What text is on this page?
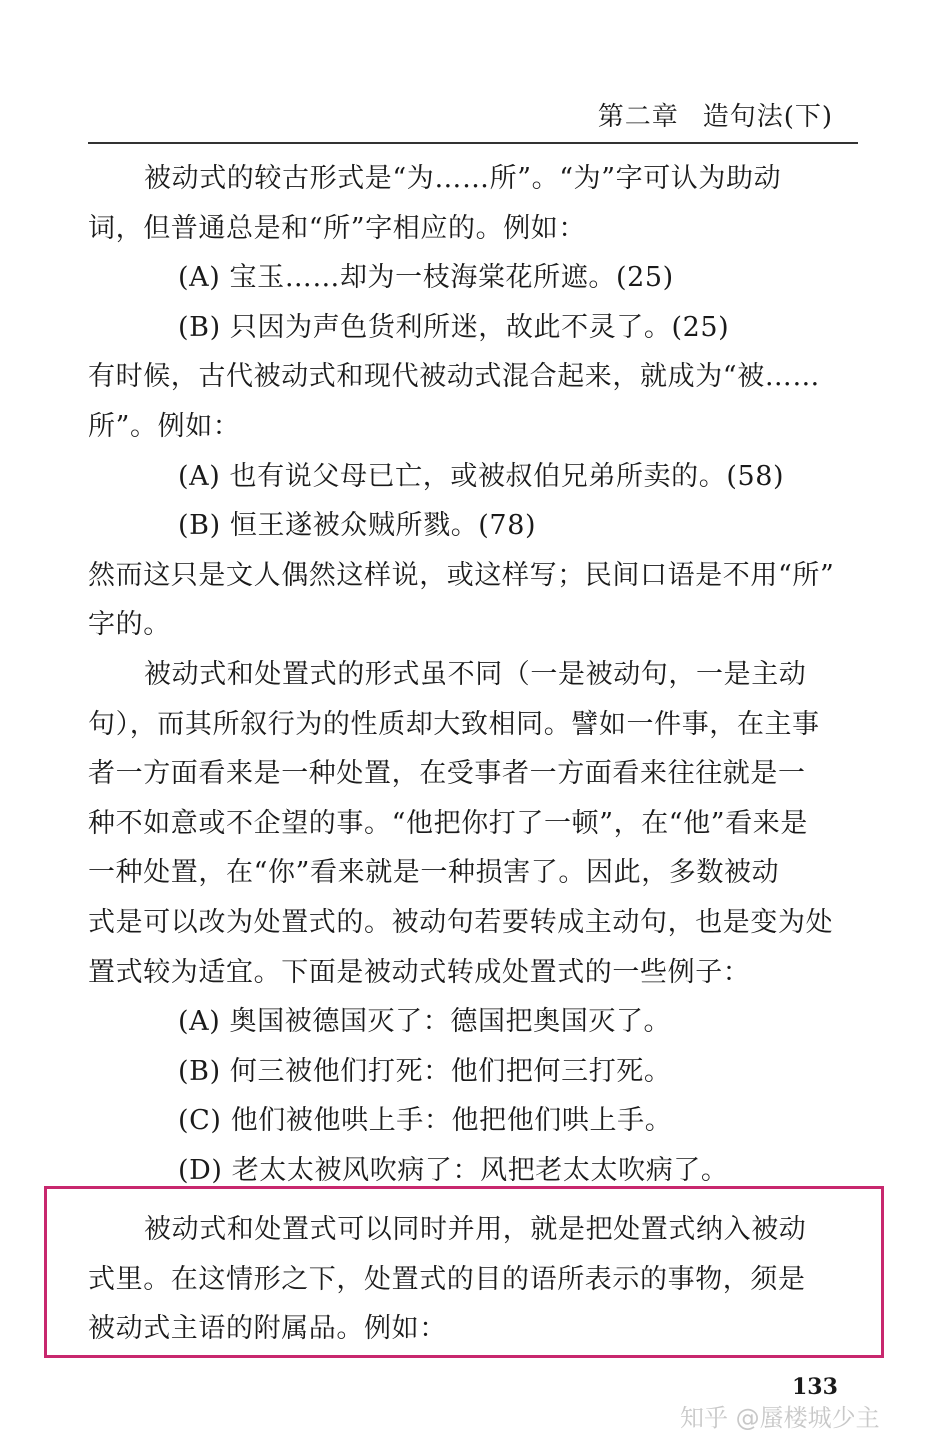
第二章 造句法(下)
被动式的较古形式是“为……所”。“为”字可认为助动
词，但普通总是和“所”字相应的。例如：
(A) 宝玉……却为一枝海棠花所遮。(25)
(B) 只因为声色货利所迷，故此不灵了。(25)
有时候，古代被动式和现代被动式混合起来，就成为“被……
所”。例如：
(A) 也有说父母已亡，或被叔伯兄弟所卖的。(58)
(B) 恒王遂被众贼所戮。(78)
然而这只是文人偶然这样说，或这样写；民间口语是不用“所”
字的。
被动式和处置式的形式虽不同（一是被动句，一是主动
句），而其所叙行为的性质却大致相同。譬如一件事，在主事
者一方面看来是一种处置，在受事者一方面看来往往就是一
种不如意或不企望的事。“他把你打了一顿”，在“他”看来是
一种处置，在“你”看来就是一种损害了。因此，多数被动
式是可以改为处置式的。被动句若要转成主动句，也是变为处
置式较为适宜。下面是被动式转成处置式的一些例子：
(A) 奥国被德国灭了：德国把奥国灭了。
(B) 何三被他们打死：他们把何三打死。
(C) 他们被他哄上手：他把他们哄上手。
(D) 老太太被风吹病了：风把老太太吹病了。
被动式和处置式可以同时并用，就是把处置式纳入被动
式里。在这情形之下，处置式的目的语所表示的事物，须是
被动式主语的附属品。例如：
133
知乎 @蜃楼城少主
